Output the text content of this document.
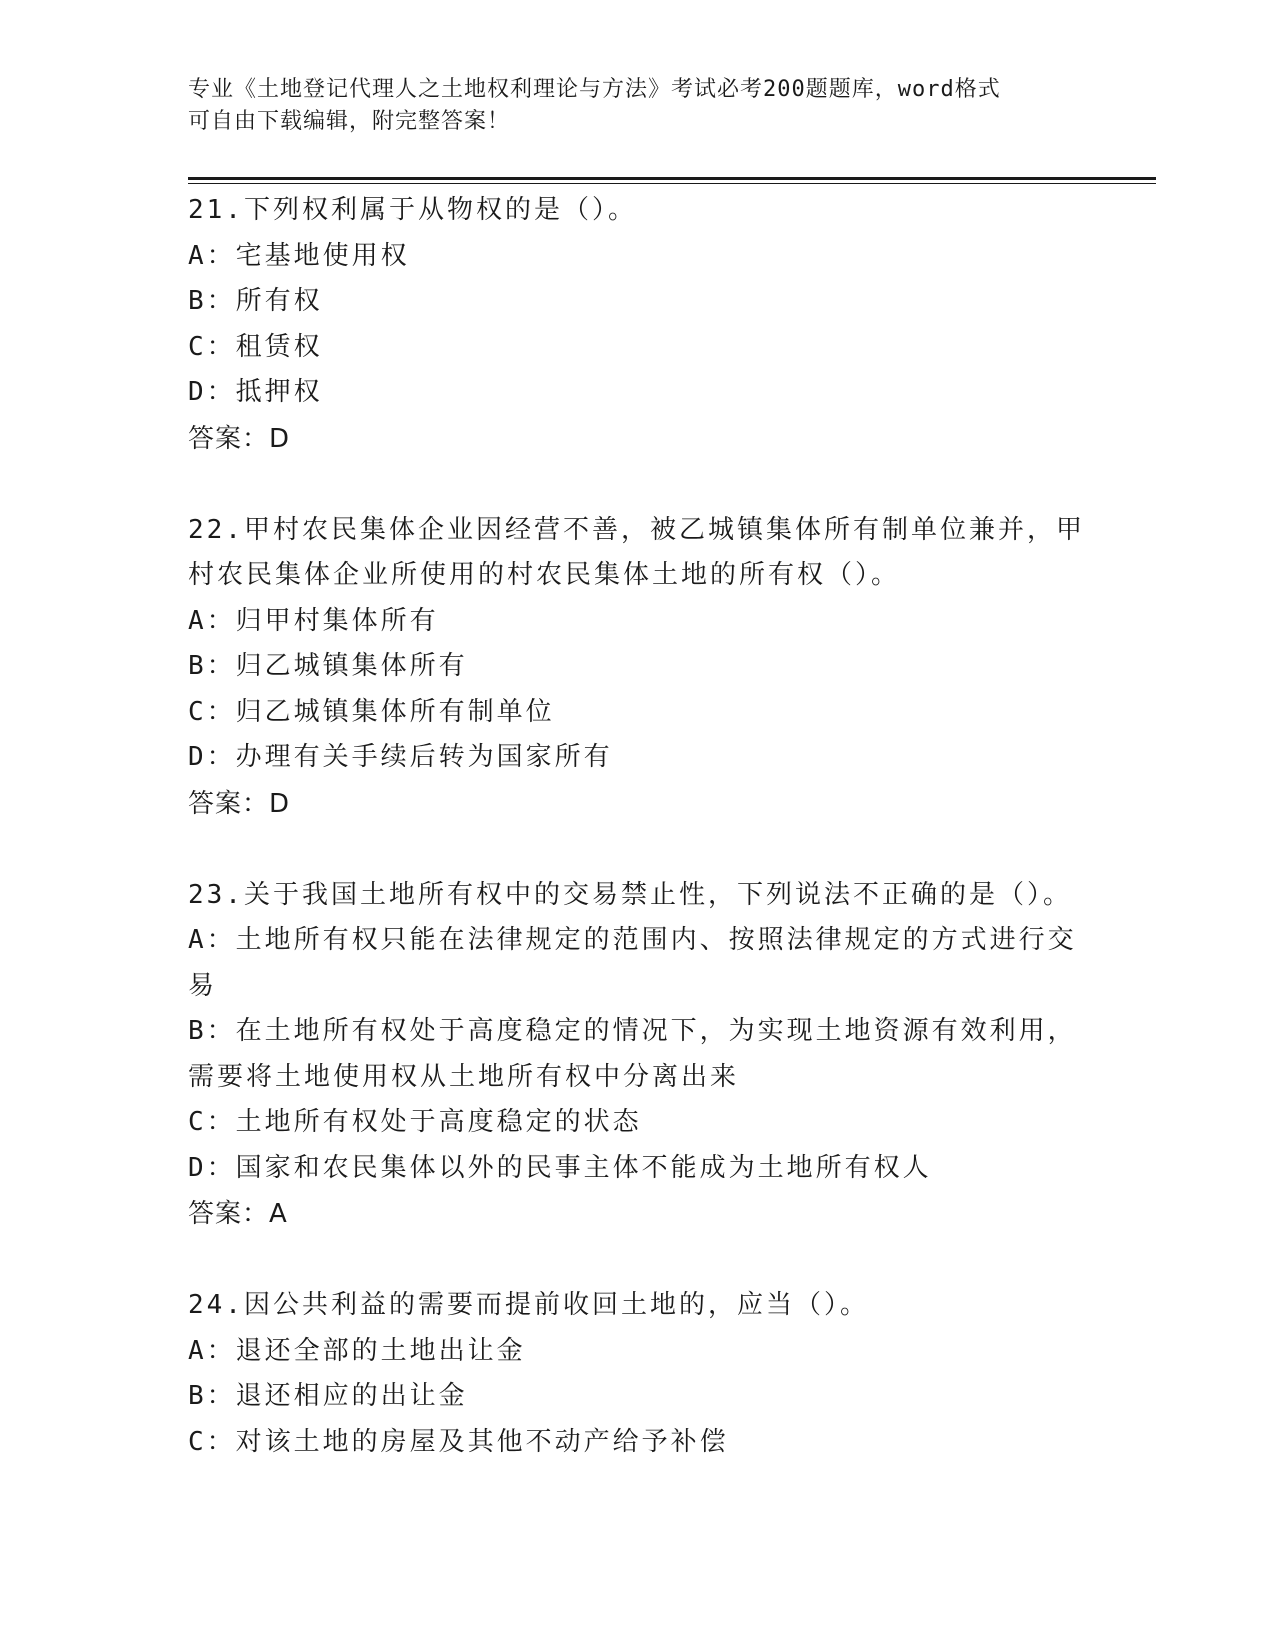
专业《土地登记代理人之土地权利理论与方法》考试必考200题题库，word格式
可自由下载编辑，附完整答案！
21.下列权利属于从物权的是（）。
A：宅基地使用权
B：所有权
C：租赁权
D：抵押权
答案：D
22.甲村农民集体企业因经营不善，被乙城镇集体所有制单位兼并，甲
村农民集体企业所使用的村农民集体土地的所有权（）。
A：归甲村集体所有
B：归乙城镇集体所有
C：归乙城镇集体所有制单位
D：办理有关手续后转为国家所有
答案：D
23.关于我国土地所有权中的交易禁止性，下列说法不正确的是（）。
A：土地所有权只能在法律规定的范围内、按照法律规定的方式进行交
易
B：在土地所有权处于高度稳定的情况下，为实现土地资源有效利用，
需要将土地使用权从土地所有权中分离出来
C：土地所有权处于高度稳定的状态
D：国家和农民集体以外的民事主体不能成为土地所有权人
答案：A
24.因公共利益的需要而提前收回土地的，应当（）。
A：退还全部的土地出让金
B：退还相应的出让金
C：对该土地的房屋及其他不动产给予补偿
